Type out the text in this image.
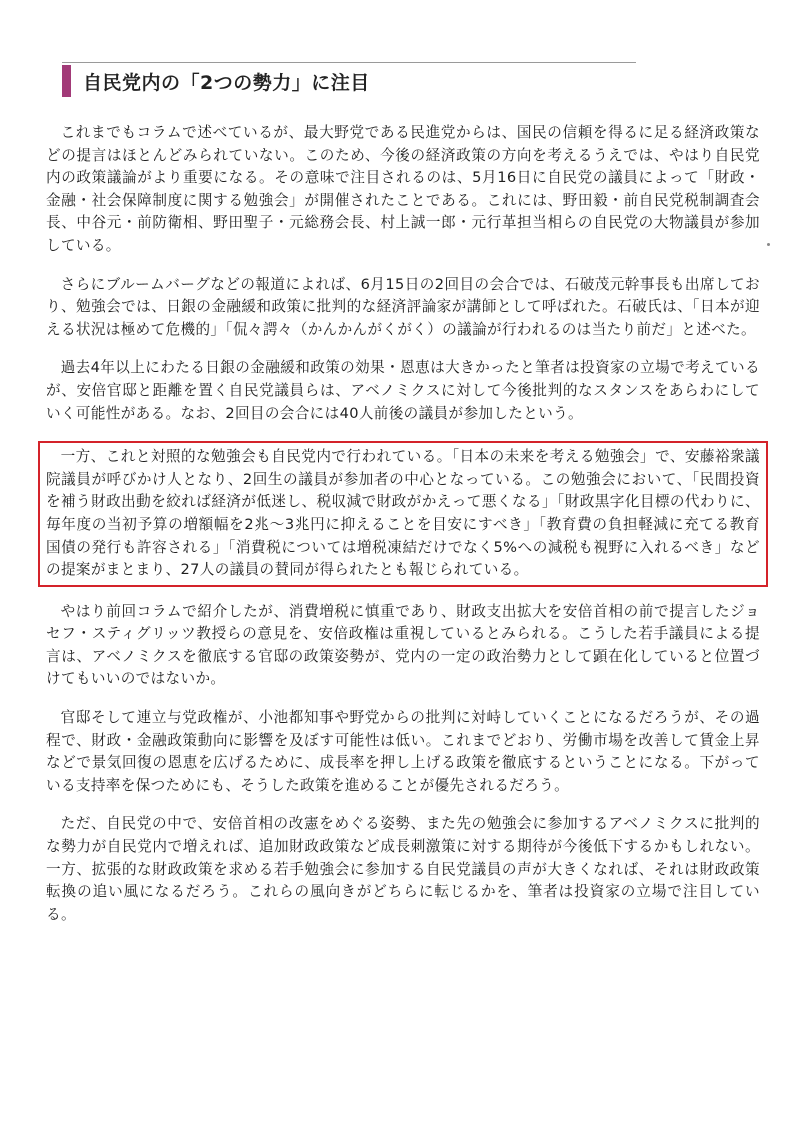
自民党内の「2つの勢力」に注目

これまでもコラムで述べているが、最大野党である民進党からは、国民の信頼を得るに足る経済政策などの提言はほとんどみられていない。このため、今後の経済政策の方向を考えるうえでは、やはり自民党内の政策議論がより重要になる。その意味で注目されるのは、5月16日に自民党の議員によって「財政・金融・社会保障制度に関する勉強会」が開催されたことである。これには、野田毅・前自民党税制調査会長、中谷元・前防衛相、野田聖子・元総務会長、村上誠一郎・元行革担当相らの自民党の大物議員が参加している。

さらにブルームバーグなどの報道によれば、6月15日の2回目の会合では、石破茂元幹事長も出席しており、勉強会では、日銀の金融緩和政策に批判的な経済評論家が講師として呼ばれた。石破氏は、「日本が迎える状況は極めて危機的」「侃々諤々（かんかんがくがく）の議論が行われるのは当たり前だ」と述べた。

過去4年以上にわたる日銀の金融緩和政策の効果・恩恵は大きかったと筆者は投資家の立場で考えているが、安倍官邸と距離を置く自民党議員らは、アベノミクスに対して今後批判的なスタンスをあらわにしていく可能性がある。なお、2回目の会合には40人前後の議員が参加したという。

一方、これと対照的な勉強会も自民党内で行われている。「日本の未来を考える勉強会」で、安藤裕衆議院議員が呼びかけ人となり、2回生の議員が参加者の中心となっている。この勉強会において、「民間投資を補う財政出動を絞れば経済が低迷し、税収減で財政がかえって悪くなる」「財政黒字化目標の代わりに、毎年度の当初予算の増額幅を2兆～3兆円に抑えることを目安にすべき」「教育費の負担軽減に充てる教育国債の発行も許容される」「消費税については増税凍結だけでなく5%への減税も視野に入れるべき」などの提案がまとまり、27人の議員の賛同が得られたとも報じられている。

やはり前回コラムで紹介したが、消費増税に慎重であり、財政支出拡大を安倍首相の前で提言したジョセフ・スティグリッツ教授らの意見を、安倍政権は重視しているとみられる。こうした若手議員による提言は、アベノミクスを徹底する官邸の政策姿勢が、党内の一定の政治勢力として顕在化していると位置づけてもいいのではないか。

官邸そして連立与党政権が、小池都知事や野党からの批判に対峙していくことになるだろうが、その過程で、財政・金融政策動向に影響を及ぼす可能性は低い。これまでどおり、労働市場を改善して賃金上昇などで景気回復の恩恵を広げるために、成長率を押し上げる政策を徹底するということになる。下がっている支持率を保つためにも、そうした政策を進めることが優先されるだろう。

ただ、自民党の中で、安倍首相の改憲をめぐる姿勢、また先の勉強会に参加するアベノミクスに批判的な勢力が自民党内で増えれば、追加財政政策など成長刺激策に対する期待が今後低下するかもしれない。一方、拡張的な財政政策を求める若手勉強会に参加する自民党議員の声が大きくなれば、それは財政政策転換の追い風になるだろう。これらの風向きがどちらに転じるかを、筆者は投資家の立場で注目している。
